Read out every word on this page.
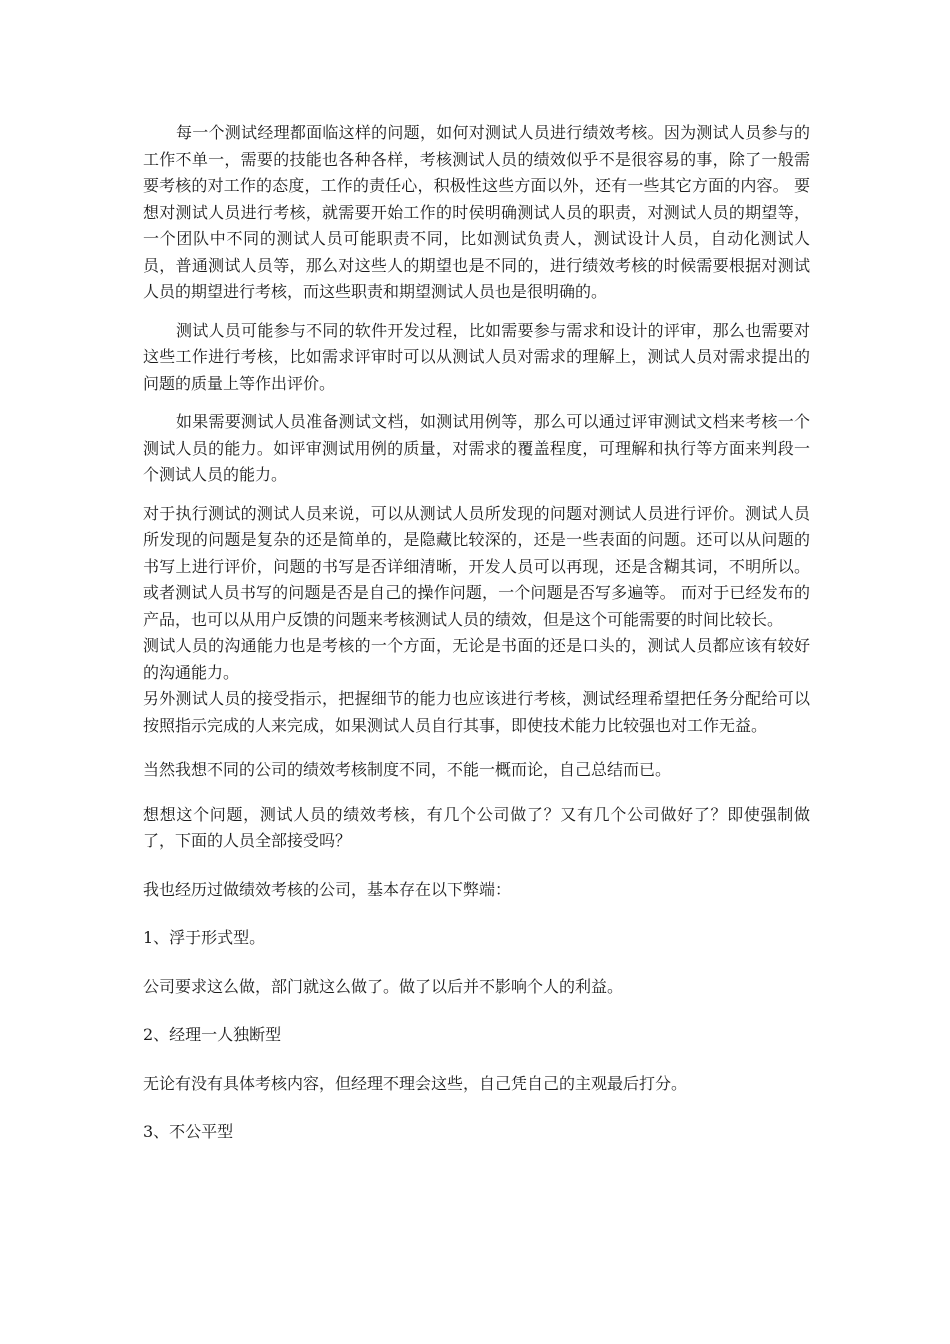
每一个测试经理都面临这样的问题，如何对测试人员进行绩效考核。因为测试人员参与的工作不单一，需要的技能也各种各样，考核测试人员的绩效似乎不是很容易的事，除了一般需要考核的对工作的态度，工作的责任心，积极性这些方面以外，还有一些其它方面的内容。 要想对测试人员进行考核，就需要开始工作的时侯明确测试人员的职责，对测试人员的期望等，一个团队中不同的测试人员可能职责不同，比如测试负责人，测试设计人员，自动化测试人员，普通测试人员等，那么对这些人的期望也是不同的，进行绩效考核的时候需要根据对测试人员的期望进行考核，而这些职责和期望测试人员也是很明确的。

测试人员可能参与不同的软件开发过程，比如需要参与需求和设计的评审，那么也需要对这些工作进行考核，比如需求评审时可以从测试人员对需求的理解上，测试人员对需求提出的问题的质量上等作出评价。

如果需要测试人员准备测试文档，如测试用例等，那么可以通过评审测试文档来考核一个测试人员的能力。如评审测试用例的质量，对需求的覆盖程度，可理解和执行等方面来判段一个测试人员的能力。

对于执行测试的测试人员来说，可以从测试人员所发现的问题对测试人员进行评价。测试人员所发现的问题是复杂的还是简单的，是隐藏比较深的，还是一些表面的问题。还可以从问题的书写上进行评价，问题的书写是否详细清晰，开发人员可以再现，还是含糊其词，不明所以。或者测试人员书写的问题是否是自己的操作问题，一个问题是否写多遍等。 而对于已经发布的产品，也可以从用户反馈的问题来考核测试人员的绩效，但是这个可能需要的时间比较长。

测试人员的沟通能力也是考核的一个方面，无论是书面的还是口头的，测试人员都应该有较好的沟通能力。

另外测试人员的接受指示，把握细节的能力也应该进行考核，测试经理希望把任务分配给可以按照指示完成的人来完成，如果测试人员自行其事，即使技术能力比较强也对工作无益。

当然我想不同的公司的绩效考核制度不同，不能一概而论，自己总结而已。

想想这个问题，测试人员的绩效考核，有几个公司做了？又有几个公司做好了？即使强制做了，下面的人员全部接受吗？

我也经历过做绩效考核的公司，基本存在以下弊端：

1、浮于形式型。

公司要求这么做，部门就这么做了。做了以后并不影响个人的利益。

2、经理一人独断型

无论有没有具体考核内容，但经理不理会这些，自己凭自己的主观最后打分。

3、不公平型
